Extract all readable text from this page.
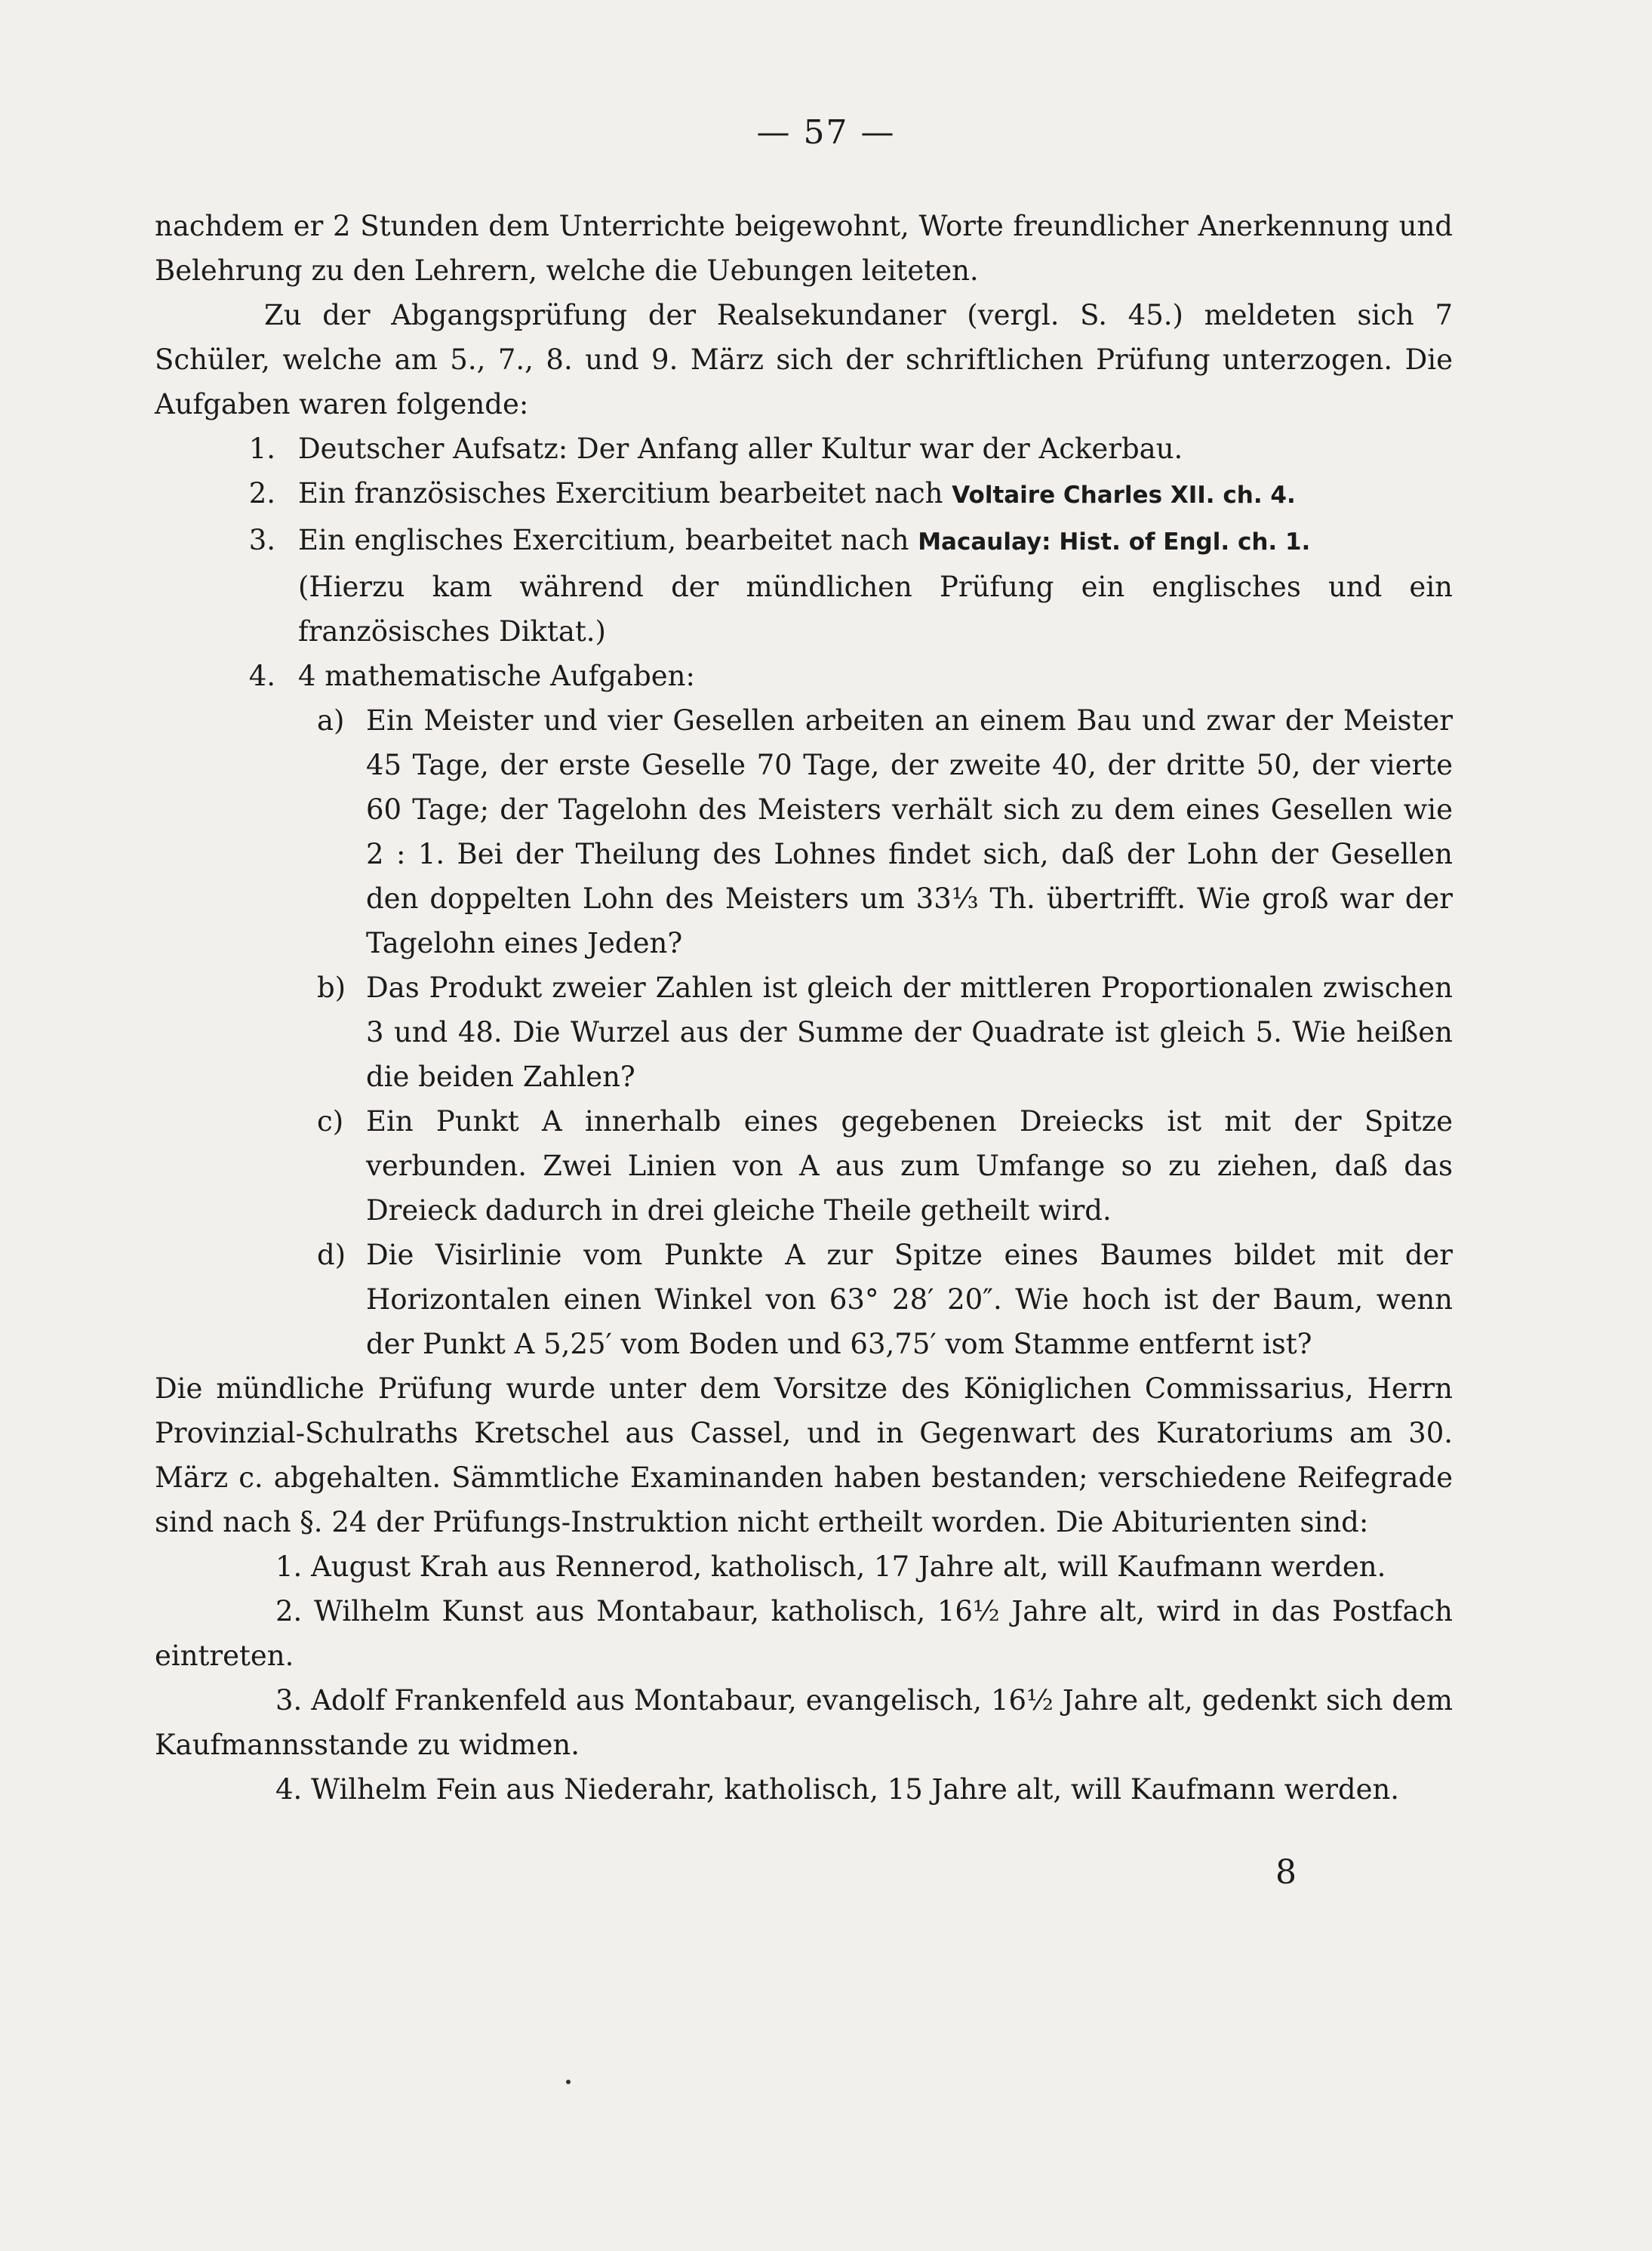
— 57 —

nachdem er 2 Stunden dem Unterrichte beigewohnt, Worte freundlicher Anerkennung und Belehrung zu den Lehrern, welche die Uebungen leiteten.

Zu der Abgangsprüfung der Realsekundaner (vergl. S. 45.) meldeten sich 7 Schüler, welche am 5., 7., 8. und 9. März sich der schriftlichen Prüfung unterzogen. Die Aufgaben waren folgende:

1. Deutscher Aufsatz: Der Anfang aller Kultur war der Ackerbau.
2. Ein französisches Exercitium bearbeitet nach Voltaire Charles XII. ch. 4.
3. Ein englisches Exercitium, bearbeitet nach Macaulay: Hist. of Engl. ch. 1.
(Hierzu kam während der mündlichen Prüfung ein englisches und ein französisches Diktat.)
4. 4 mathematische Aufgaben:
a) Ein Meister und vier Gesellen arbeiten an einem Bau und zwar der Meister 45 Tage, der erste Geselle 70 Tage, der zweite 40, der dritte 50, der vierte 60 Tage; der Tagelohn des Meisters verhält sich zu dem eines Gesellen wie 2 : 1. Bei der Theilung des Lohnes findet sich, daß der Lohn der Gesellen den doppelten Lohn des Meisters um 33⅓ Th. übertrifft. Wie groß war der Tagelohn eines Jeden?
b) Das Produkt zweier Zahlen ist gleich der mittleren Proportionalen zwischen 3 und 48. Die Wurzel aus der Summe der Quadrate ist gleich 5. Wie heißen die beiden Zahlen?
c) Ein Punkt A innerhalb eines gegebenen Dreiecks ist mit der Spitze verbunden. Zwei Linien von A aus zum Umfange so zu ziehen, daß das Dreieck dadurch in drei gleiche Theile getheilt wird.
d) Die Visirlinie vom Punkte A zur Spitze eines Baumes bildet mit der Horizontalen einen Winkel von 63° 28′ 20″. Wie hoch ist der Baum, wenn der Punkt A 5,25′ vom Boden und 63,75′ vom Stamme entfernt ist?

Die mündliche Prüfung wurde unter dem Vorsitze des Königlichen Commissarius, Herrn Provinzial-Schulraths Kretschel aus Cassel, und in Gegenwart des Kuratoriums am 30. März c. abgehalten. Sämmtliche Examinanden haben bestanden; verschiedene Reifegrade sind nach §. 24 der Prüfungs-Instruktion nicht ertheilt worden. Die Abiturienten sind:

1. August Krah aus Rennerod, katholisch, 17 Jahre alt, will Kaufmann werden.

2. Wilhelm Kunst aus Montabaur, katholisch, 16½ Jahre alt, wird in das Postfach eintreten.

3. Adolf Frankenfeld aus Montabaur, evangelisch, 16½ Jahre alt, gedenkt sich dem Kaufmannsstande zu widmen.

4. Wilhelm Fein aus Niederahr, katholisch, 15 Jahre alt, will Kaufmann werden.

8
